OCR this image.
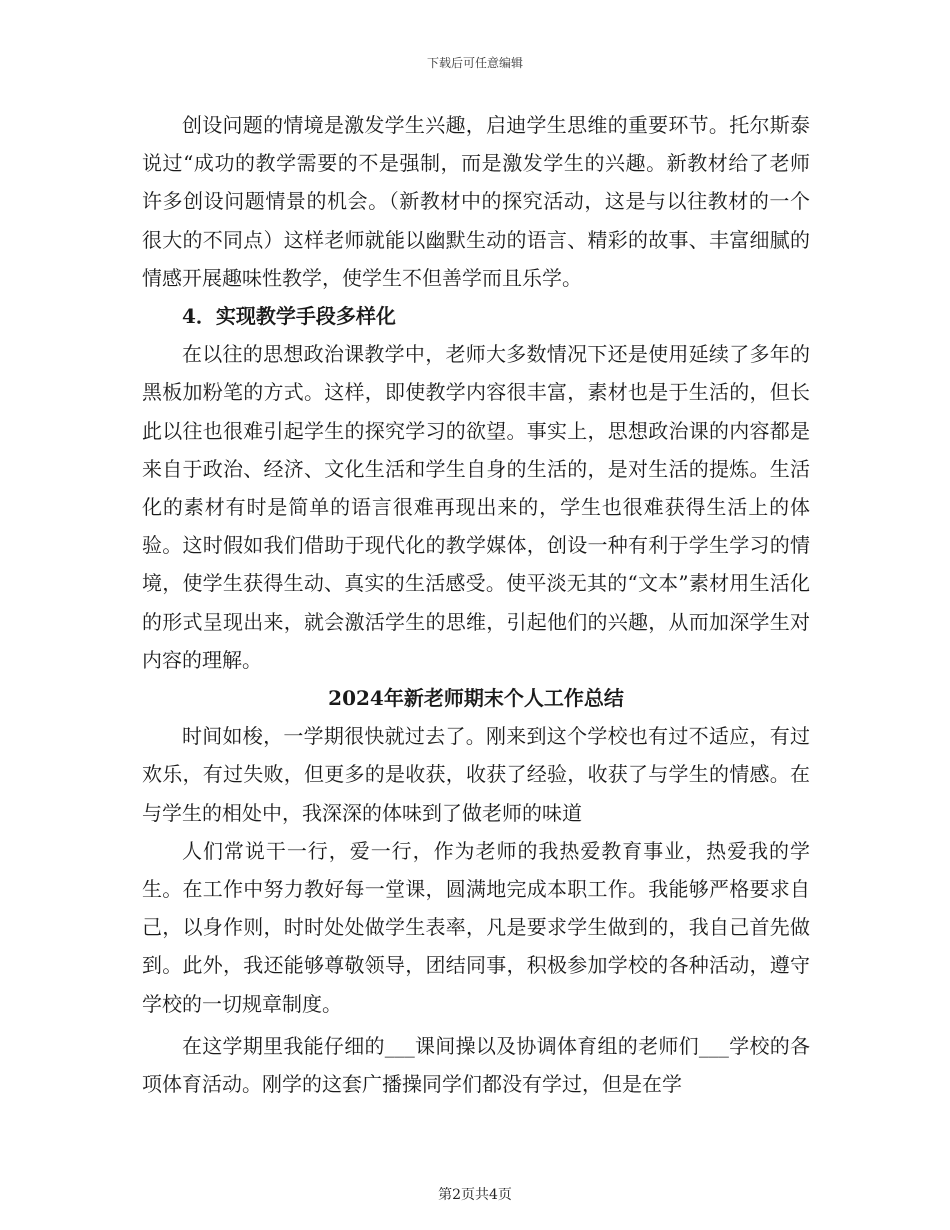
下载后可任意编辑

创设问题的情境是激发学生兴趣，启迪学生思维的重要环节。托尔斯泰说过“成功的教学需要的不是强制，而是激发学生的兴趣。新教材给了老师许多创设问题情景的机会。（新教材中的探究活动，这是与以往教材的一个很大的不同点）这样老师就能以幽默生动的语言、精彩的故事、丰富细腻的情感开展趣味性教学，使学生不但善学而且乐学。

4．实现教学手段多样化

在以往的思想政治课教学中，老师大多数情况下还是使用延续了多年的黑板加粉笔的方式。这样，即使教学内容很丰富，素材也是于生活的，但长此以往也很难引起学生的探究学习的欲望。事实上，思想政治课的内容都是来自于政治、经济、文化生活和学生自身的生活的，是对生活的提炼。生活化的素材有时是简单的语言很难再现出来的，学生也很难获得生活上的体验。这时假如我们借助于现代化的教学媒体，创设一种有利于学生学习的情境，使学生获得生动、真实的生活感受。使平淡无其的“文本”素材用生活化的形式呈现出来，就会激活学生的思维，引起他们的兴趣，从而加深学生对内容的理解。

2024年新老师期末个人工作总结

时间如梭，一学期很快就过去了。刚来到这个学校也有过不适应，有过欢乐，有过失败，但更多的是收获，收获了经验，收获了与学生的情感。在与学生的相处中，我深深的体味到了做老师的味道

人们常说干一行，爱一行，作为老师的我热爱教育事业，热爱我的学生。在工作中努力教好每一堂课，圆满地完成本职工作。我能够严格要求自己，以身作则，时时处处做学生表率，凡是要求学生做到的，我自己首先做到。此外，我还能够尊敬领导，团结同事，积极参加学校的各种活动，遵守学校的一切规章制度。

在这学期里我能仔细的___课间操以及协调体育组的老师们___学校的各项体育活动。刚学的这套广播操同学们都没有学过，但是在学

第2页共4页
